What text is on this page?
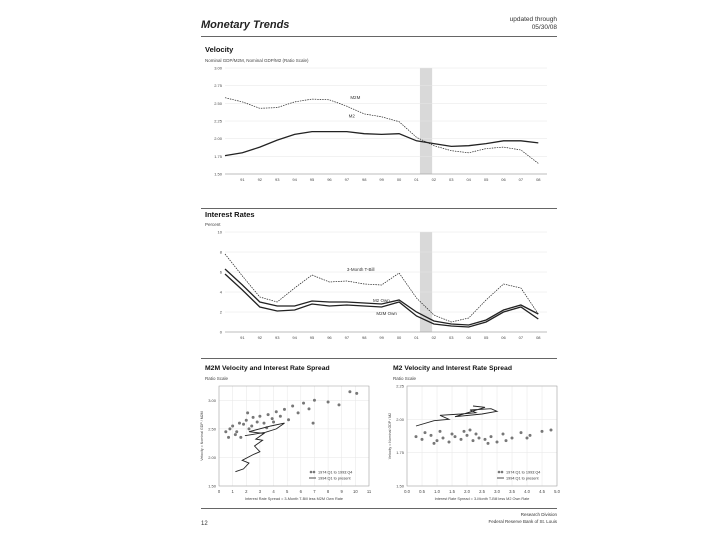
Monetary Trends	updated through
05/30/08
Velocity
Nominal GDP/M2M, Nominal GDP/M2 (Ratio Scale)
1.50
1.75
2.00
2.25
2.50
2.75
3.00
91	92	93	94	95	96	97	98	99	00	01	02	03	04	05	06	07	08
M2M
M2
Interest Rates
Percent
0
2
4
6
8
10
91	92	93	94	95	96	97	98	99	00	01	02	03	04	05	06	07	08
3-Month T-Bill
M2 Own
M2M Own
M2M Velocity and Interest Rate Spread
Ratio Scale
1.50
2.00
2.50
3.00
0	1	2	3	4	5	6	7	8	9 10 11
Velocity = Nominal GDP / M2M
Interest Rate Spread = 3-Month T-Bill less M2M Own Rate
1974:Q1 to 1993:Q4
1994:Q1 to present
M2 Velocity and Interest Rate Spread
Ratio Scale
1.50
1.75
2.00
2.25
0.0 0.5 1.0 1.5 2.0 2.5 3.0 3.5 4.0 4.5 5.0
Velocity = Nominal GDP / M2
Interest Rate Spread = 3-Month T-Bill less M2 Own Rate
1974:Q1 to 1993:Q4
1994:Q1 to present
12
Research Division
Federal Reserve Bank of St. Louis
